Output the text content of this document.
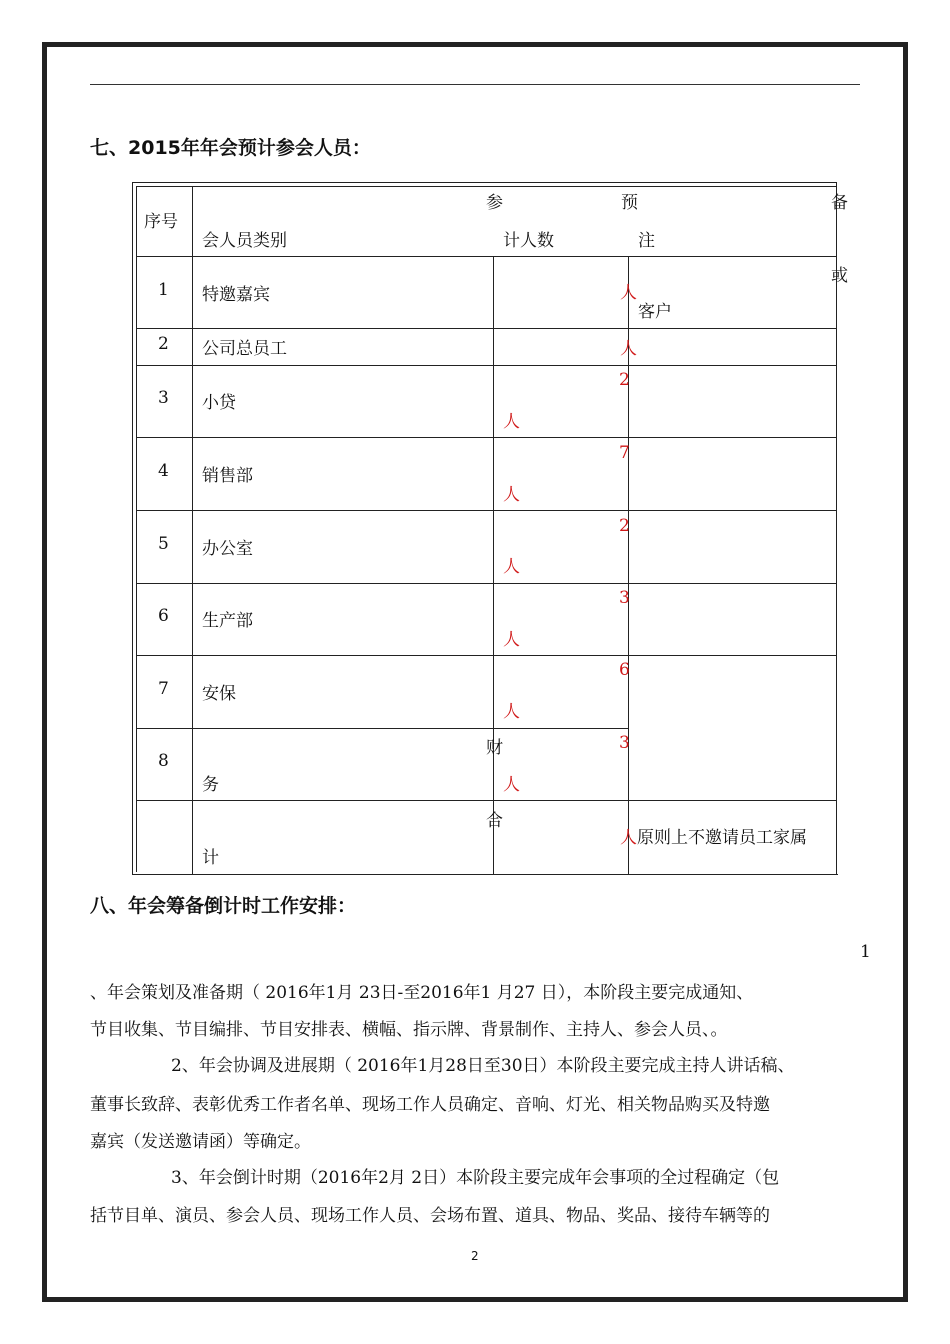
七、2015年年会预计参会人员：
序号
参
会人员类别
预
计人数
备
注
1 特邀嘉宾	人
或
客户
2 公司总员工	人
3 小贷
2
人
4 销售部
7
人
5 办公室
2
人
6 生产部
3
人
7 安保
6
人
8
财
务
3
人
合
计
人 原则上不邀请员工家属
八、年会筹备倒计时工作安排：
1
、年会策划及准备期（ 2016年1月 23日-至2016年1 月27 日），本阶段主要完成通知、
节目收集、节目编排、节目安排表、横幅、指示牌、背景制作、主持人、参会人员、。
2、年会协调及进展期（ 2016年1月28日至30日）本阶段主要完成主持人讲话稿、
董事长致辞、表彰优秀工作者名单、现场工作人员确定、音响、灯光、相关物品购买及特邀
嘉宾（发送邀请函）等确定。
3、年会倒计时期（2016年2月 2日）本阶段主要完成年会事项的全过程确定（包
括节目单、演员、参会人员、现场工作人员、会场布置、道具、物品、奖品、接待车辆等的
2
